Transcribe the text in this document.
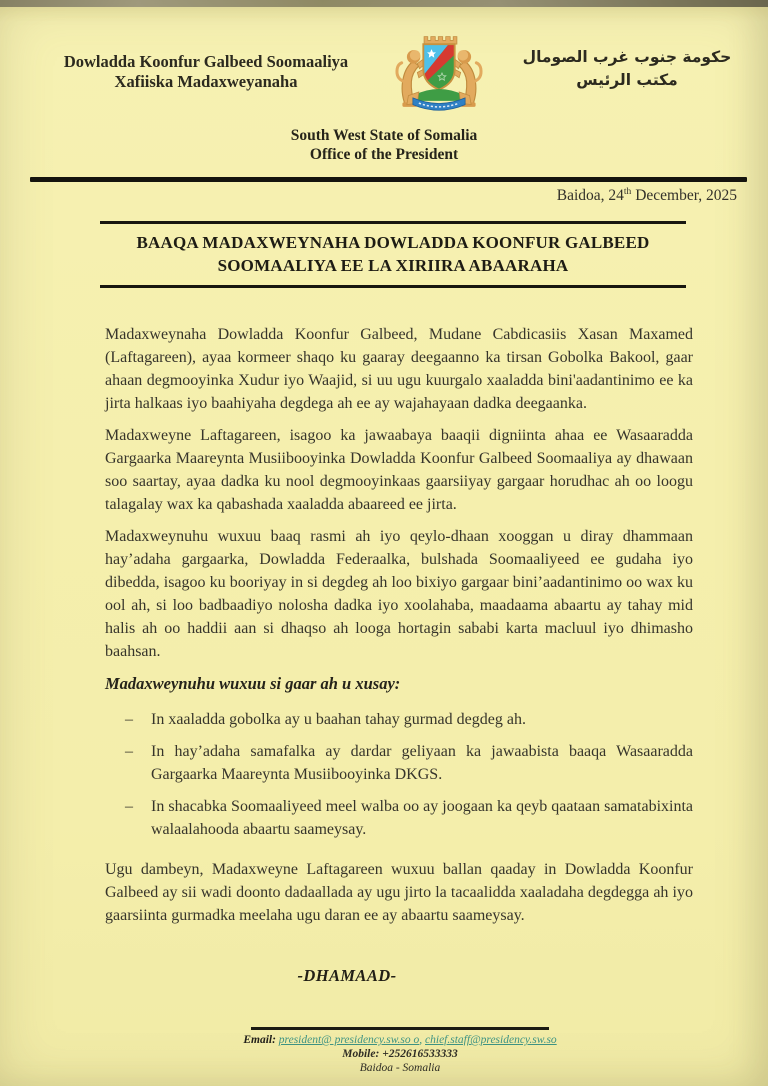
Dowladda Koonfur Galbeed Soomaaliya
Xafiiska Madaxweyanaha
حكومة جنوب غرب الصومال
مكتب الرئيس
South West State of Somalia
Office of the President
Baidoa, 24th December, 2025
BAAQA MADAXWEYNAHA DOWLADDA KOONFUR GALBEED
SOOMAALIYA EE LA XIRIIRA ABAARAHA

Madaxweynaha Dowladda Koonfur Galbeed, Mudane Cabdicasiis Xasan Maxamed (Laftagareen), ayaa kormeer shaqo ku gaaray deegaanno ka tirsan Gobolka Bakool, gaar ahaan degmooyinka Xudur iyo Waajid, si uu ugu kuurgalo xaaladda bini'aadantinimo ee ka jirta halkaas iyo baahiyaha degdega ah ee ay wajahayaan dadka deegaanka.

Madaxweyne Laftagareen, isagoo ka jawaabaya baaqii digniinta ahaa ee Wasaaradda Gargaarka Maareynta Musiibooyinka Dowladda Koonfur Galbeed Soomaaliya ay dhawaan soo saartay, ayaa dadka ku nool degmooyinkaas gaarsiiyay gargaar horudhac ah oo loogu talagalay wax ka qabashada xaaladda abaareed ee jirta.

Madaxweynuhu wuxuu baaq rasmi ah iyo qeylo-dhaan xooggan u diray dhammaan hay’adaha gargaarka, Dowladda Federaalka, bulshada Soomaaliyeed ee gudaha iyo dibedda, isagoo ku booriyay in si degdeg ah loo bixiyo gargaar bini’aadantinimo oo wax ku ool ah, si loo badbaadiyo nolosha dadka iyo xoolahaba, maadaama abaartu ay tahay mid halis ah oo haddii aan si dhaqso ah looga hortagin sababi karta macluul iyo dhimasho baahsan.

Madaxweynuhu wuxuu si gaar ah u xusay:
–	In xaaladda gobolka ay u baahan tahay gurmad degdeg ah.
–	In hay’adaha samafalka ay dardar geliyaan ka jawaabista baaqa Wasaaradda Gargaarka Maareynta Musiibooyinka DKGS.
–	In shacabka Soomaaliyeed meel walba oo ay joogaan ka qeyb qaataan samatabixinta walaalahooda abaartu saameysay.

Ugu dambeyn, Madaxweyne Laftagareen wuxuu ballan qaaday in Dowladda Koonfur Galbeed ay sii wadi doonto dadaallada ay ugu jirto la tacaalidda xaaladaha degdegga ah iyo gaarsiinta gurmadka meelaha ugu daran ee ay abaartu saameysay.

-DHAMAAD-
Email: president@ presidency.sw.so o, chief.staff@presidency.sw.so
Mobile: +252616533333
Baidoa - Somalia
